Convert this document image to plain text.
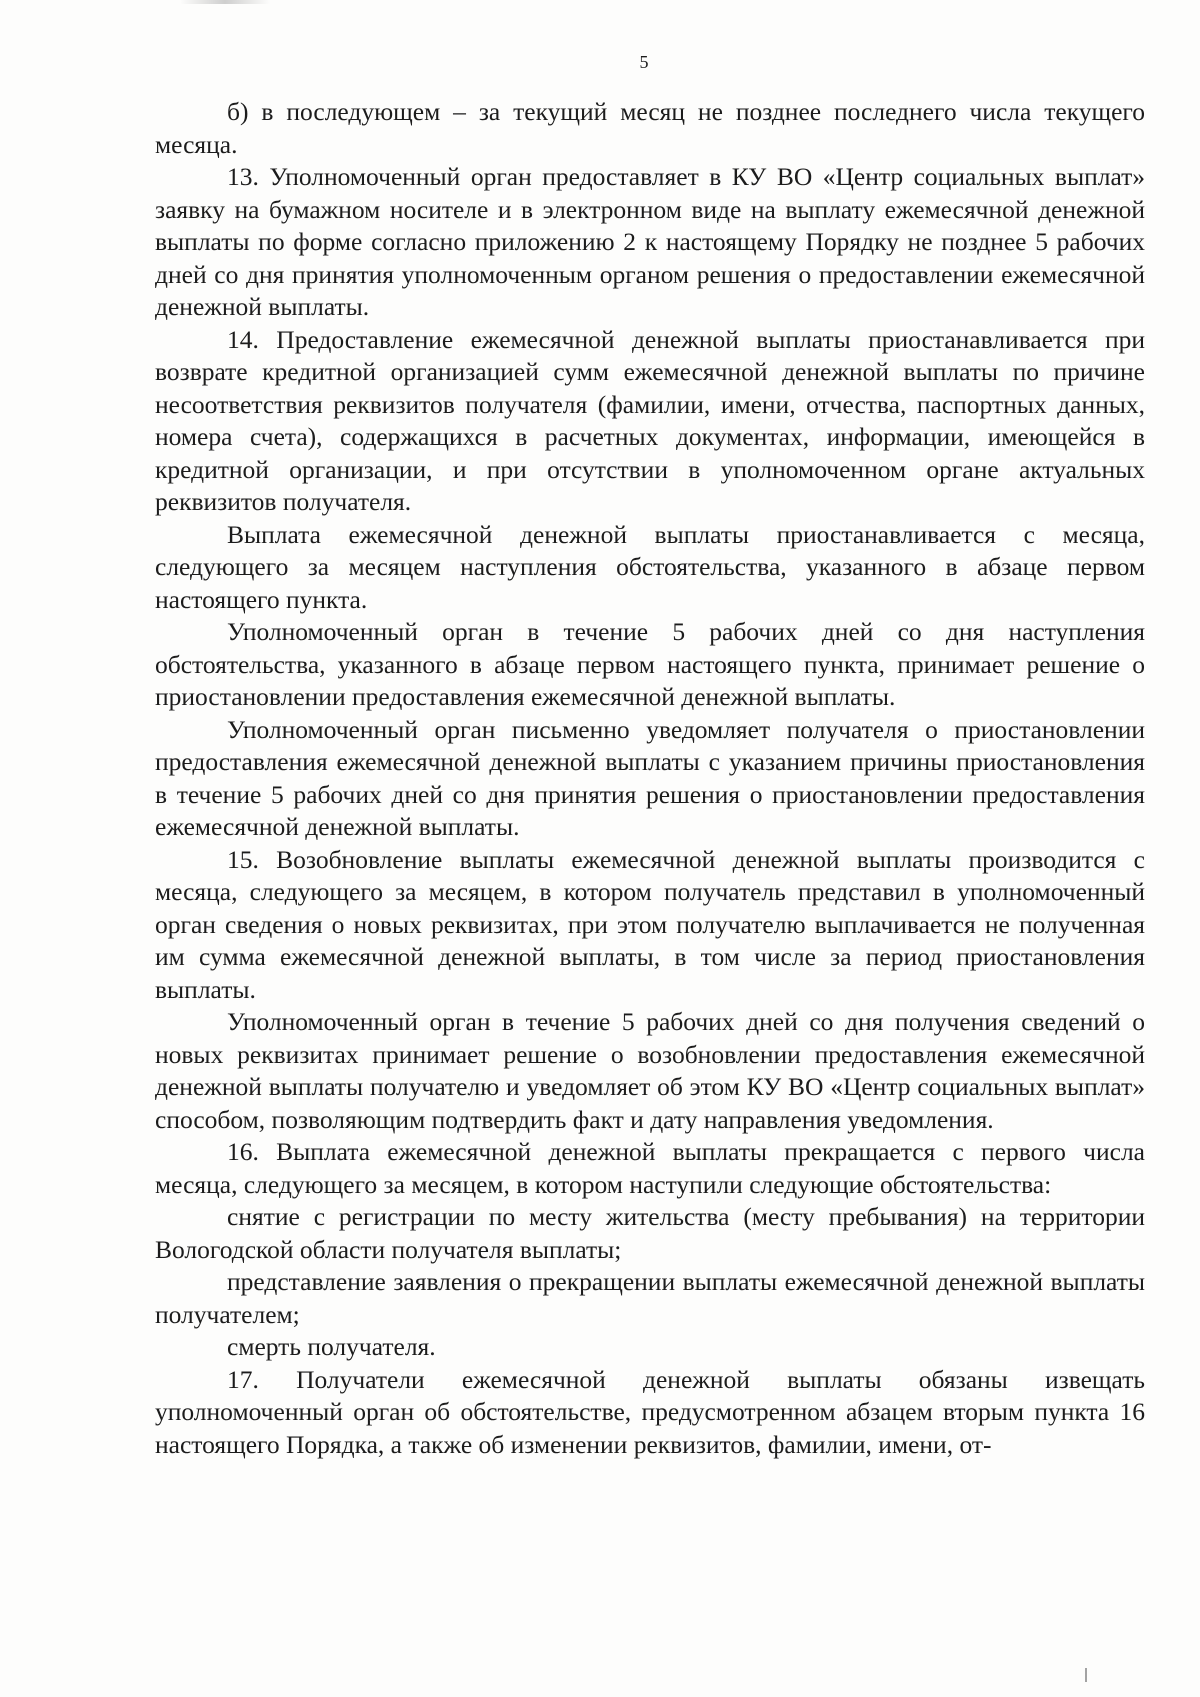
5

б) в последующем – за текущий месяц не позднее последнего числа текущего месяца.

13. Уполномоченный орган предоставляет в КУ ВО «Центр социальных выплат» заявку на бумажном носителе и в электронном виде на выплату ежемесячной денежной выплаты по форме согласно приложению 2 к настоящему Порядку не позднее 5 рабочих дней со дня принятия уполномоченным органом решения о предоставлении ежемесячной денежной выплаты.

14. Предоставление ежемесячной денежной выплаты приостанавливается при возврате кредитной организацией сумм ежемесячной денежной выплаты по причине несоответствия реквизитов получателя (фамилии, имени, отчества, паспортных данных, номера счета), содержащихся в расчетных документах, информации, имеющейся в кредитной организации, и при отсутствии в уполномоченном органе актуальных реквизитов получателя.

Выплата ежемесячной денежной выплаты приостанавливается с месяца, следующего за месяцем наступления обстоятельства, указанного в абзаце первом настоящего пункта.

Уполномоченный орган в течение 5 рабочих дней со дня наступления обстоятельства, указанного в абзаце первом настоящего пункта, принимает решение о приостановлении предоставления ежемесячной денежной выплаты.

Уполномоченный орган письменно уведомляет получателя о приостановлении предоставления ежемесячной денежной выплаты с указанием причины приостановления в течение 5 рабочих дней со дня принятия решения о приостановлении предоставления ежемесячной денежной выплаты.

15. Возобновление выплаты ежемесячной денежной выплаты производится с месяца, следующего за месяцем, в котором получатель представил в уполномоченный орган сведения о новых реквизитах, при этом получателю выплачивается не полученная им сумма ежемесячной денежной выплаты, в том числе за период приостановления выплаты.

Уполномоченный орган в течение 5 рабочих дней со дня получения сведений о новых реквизитах принимает решение о возобновлении предоставления ежемесячной денежной выплаты получателю и уведомляет об этом КУ ВО «Центр социальных выплат» способом, позволяющим подтвердить факт и дату направления уведомления.

16. Выплата ежемесячной денежной выплаты прекращается с первого числа месяца, следующего за месяцем, в котором наступили следующие обстоятельства:

снятие с регистрации по месту жительства (месту пребывания) на территории Вологодской области получателя выплаты;

представление заявления о прекращении выплаты ежемесячной денежной выплаты получателем;

смерть получателя.

17. Получатели ежемесячной денежной выплаты обязаны извещать уполномоченный орган об обстоятельстве, предусмотренном абзацем вторым пункта 16 настоящего Порядка, а также об изменении реквизитов, фамилии, имени, от-
